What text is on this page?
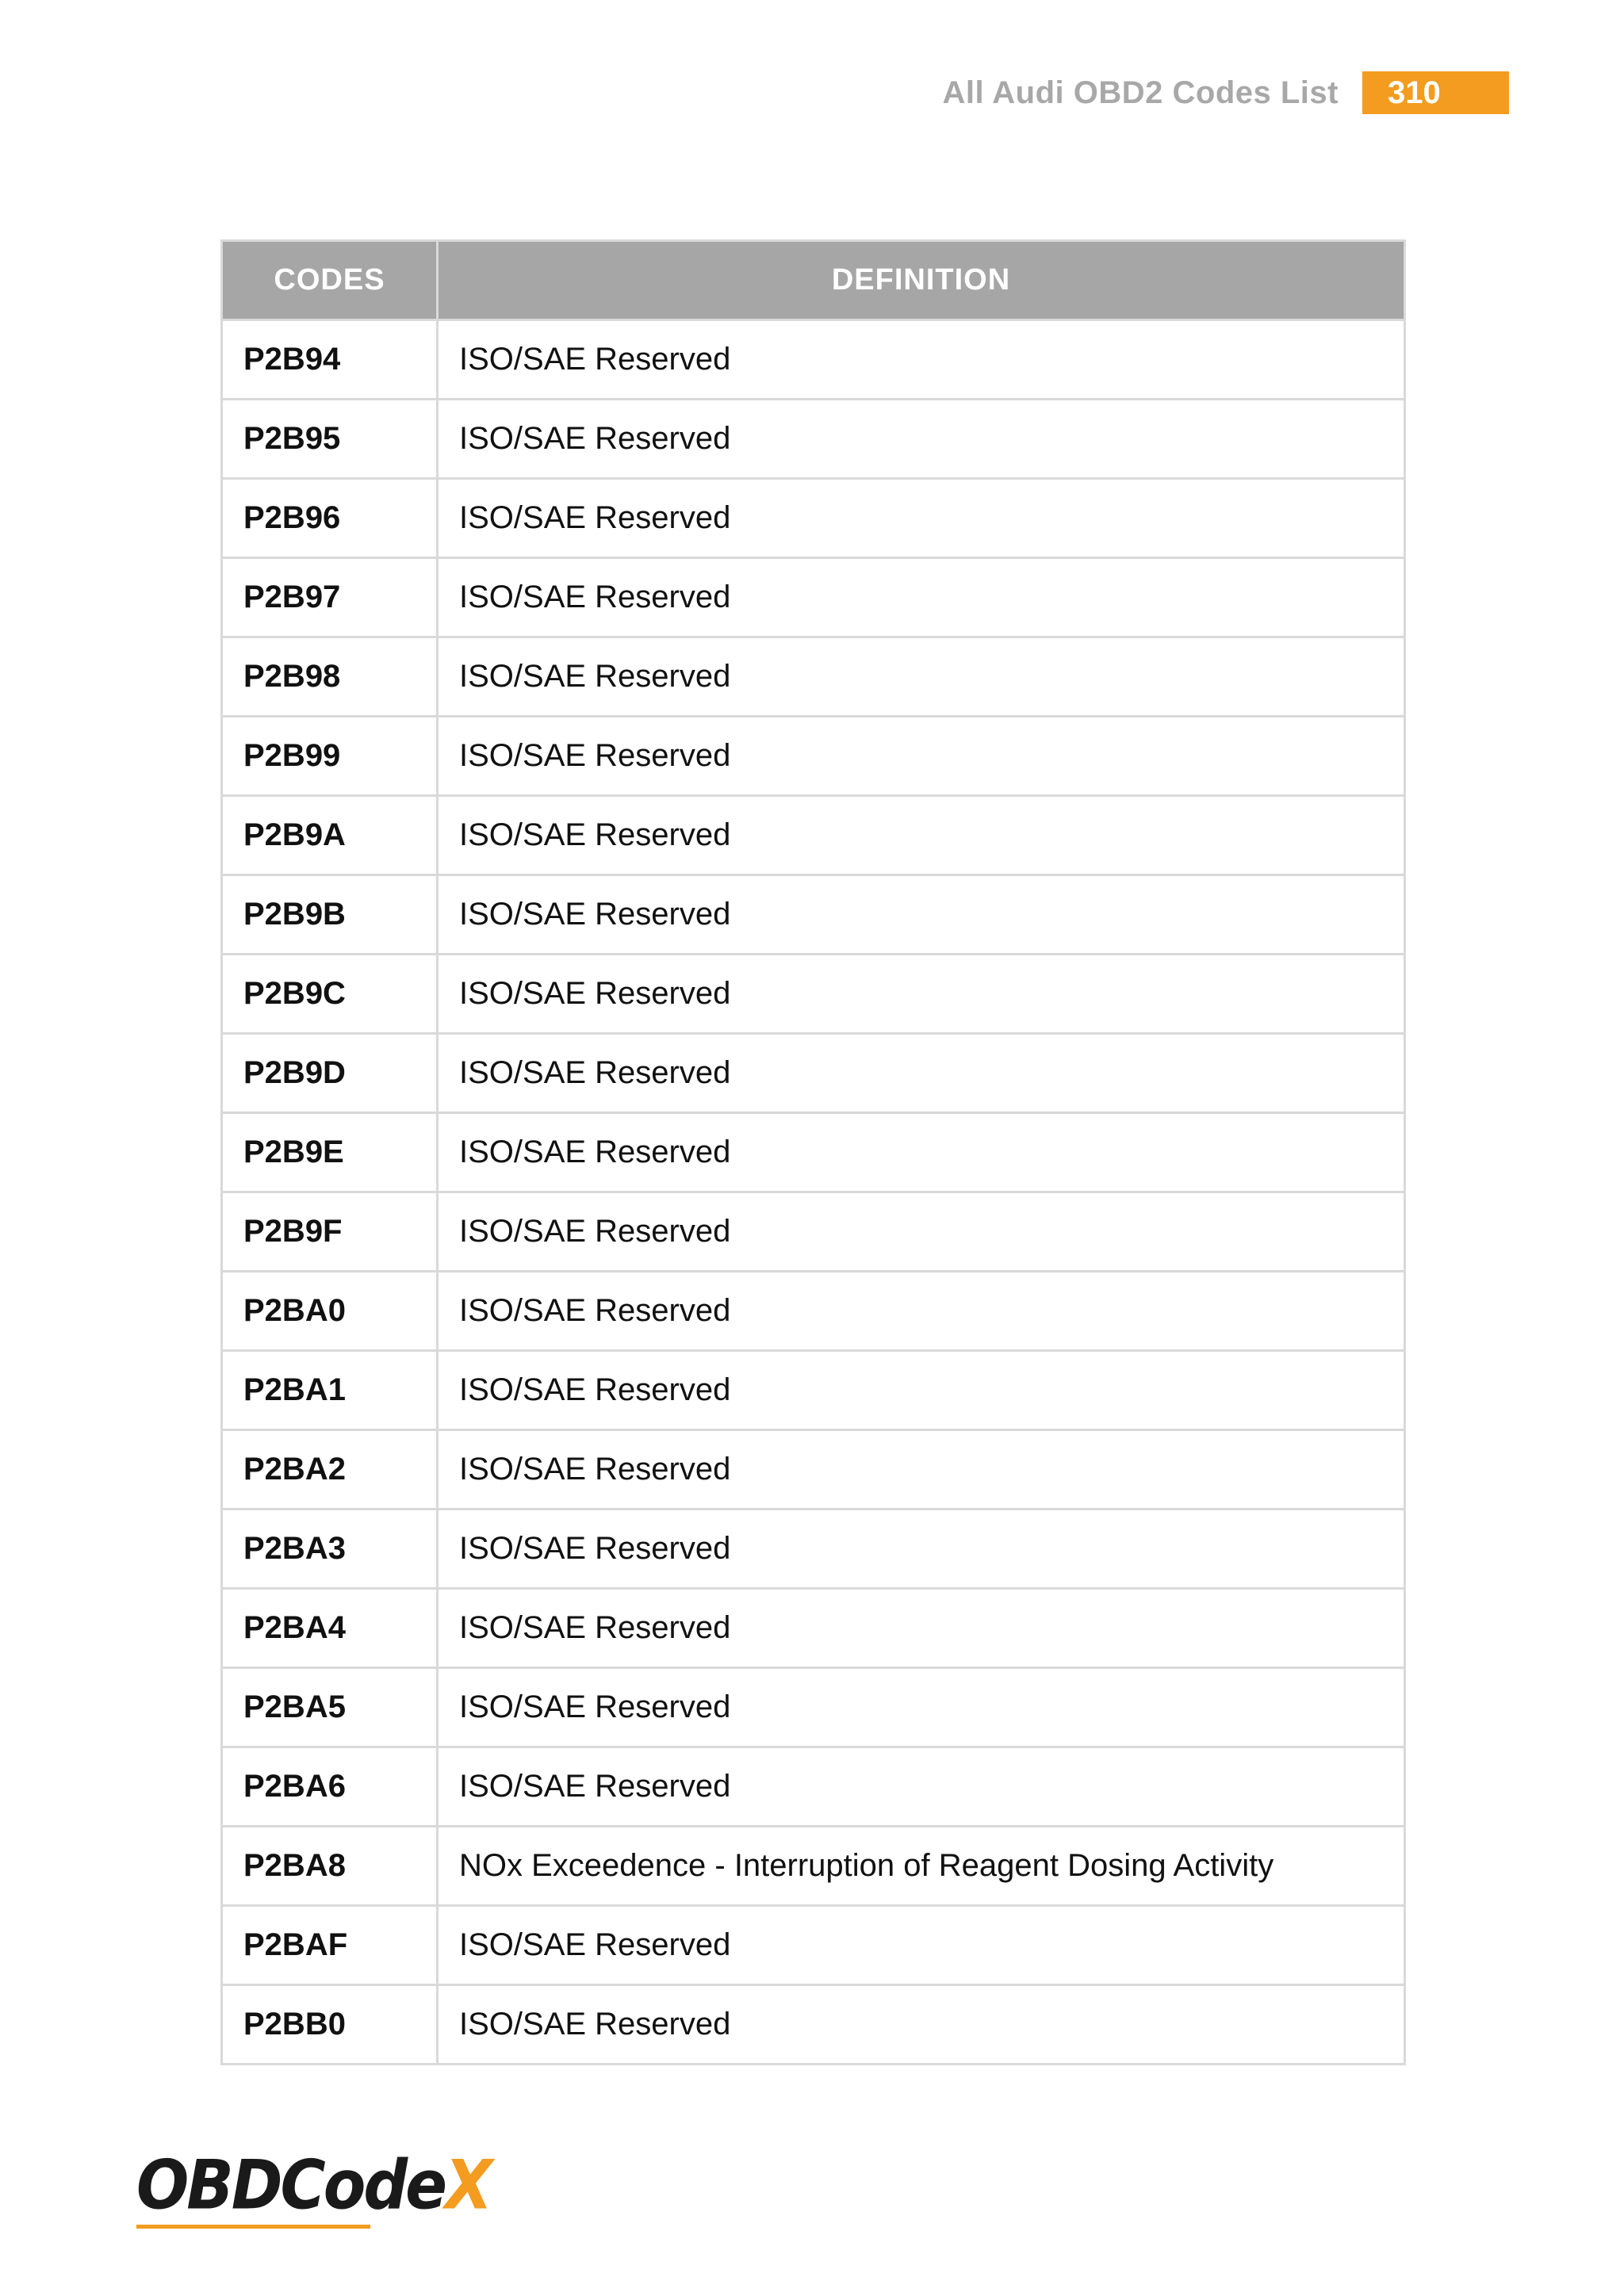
All Audi OBD2 Codes List	310
CODES	DEFINITION
P2B94	ISO/SAE Reserved
P2B95	ISO/SAE Reserved
P2B96	ISO/SAE Reserved
P2B97	ISO/SAE Reserved
P2B98	ISO/SAE Reserved
P2B99	ISO/SAE Reserved
P2B9A	ISO/SAE Reserved
P2B9B	ISO/SAE Reserved
P2B9C	ISO/SAE Reserved
P2B9D	ISO/SAE Reserved
P2B9E	ISO/SAE Reserved
P2B9F	ISO/SAE Reserved
P2BA0	ISO/SAE Reserved
P2BA1	ISO/SAE Reserved
P2BA2	ISO/SAE Reserved
P2BA3	ISO/SAE Reserved
P2BA4	ISO/SAE Reserved
P2BA5	ISO/SAE Reserved
P2BA6	ISO/SAE Reserved
P2BA8	NOx Exceedence - Interruption of Reagent Dosing Activity
P2BAF	ISO/SAE Reserved
P2BB0	ISO/SAE Reserved
OBDCodeX
